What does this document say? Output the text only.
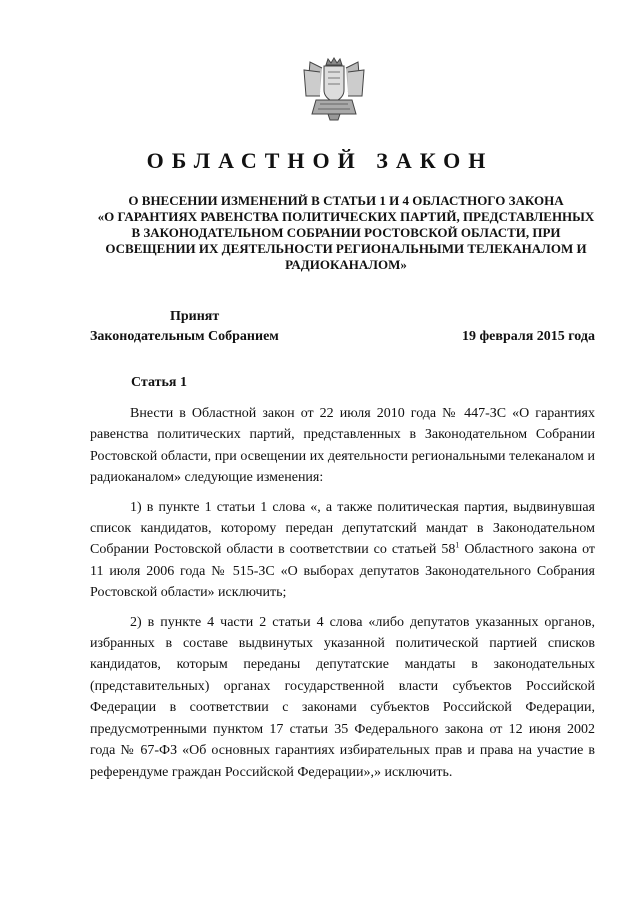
ОБЛАСТНОЙ ЗАКОН
О ВНЕСЕНИИ ИЗМЕНЕНИЙ В СТАТЬИ 1 И 4 ОБЛАСТНОГО ЗАКОНА
«О ГАРАНТИЯХ РАВЕНСТВА ПОЛИТИЧЕСКИХ ПАРТИЙ, ПРЕДСТАВЛЕННЫХ
В ЗАКОНОДАТЕЛЬНОМ СОБРАНИИ РОСТОВСКОЙ ОБЛАСТИ, ПРИ
ОСВЕЩЕНИИ ИХ ДЕЯТЕЛЬНОСТИ РЕГИОНАЛЬНЫМИ ТЕЛЕКАНАЛОМ И
РАДИОКАНАЛОМ»
Принят
Законодательным Собранием	19 февраля 2015 года
Статья 1

Внести в Областной закон от 22 июля 2010 года № 447-ЗС «О гарантиях равенства политических партий, представленных в Законодательном Собрании Ростовской области, при освещении их деятельности региональными телеканалом и радиоканалом» следующие изменения:

1) в пункте 1 статьи 1 слова «, а также политическая партия, выдвинувшая список кандидатов, которому передан депутатский мандат в Законодательном Собрании Ростовской области в соответствии со статьей $58^1$ Областного закона от 11 июля 2006 года № 515-ЗС «О выборах депутатов Законодательного Собрания Ростовской области» исключить;

2) в пункте 4 части 2 статьи 4 слова «либо депутатов указанных органов, избранных в составе выдвинутых указанной политической партией списков кандидатов, которым переданы депутатские мандаты в законодательных (представительных) органах государственной власти субъектов Российской Федерации в соответствии с законами субъектов Российской Федерации, предусмотренными пунктом 17 статьи 35 Федерального закона от 12 июня 2002 года № 67-ФЗ «Об основных гарантиях избирательных прав и права на участие в референдуме граждан Российской Федерации»,» исключить.
